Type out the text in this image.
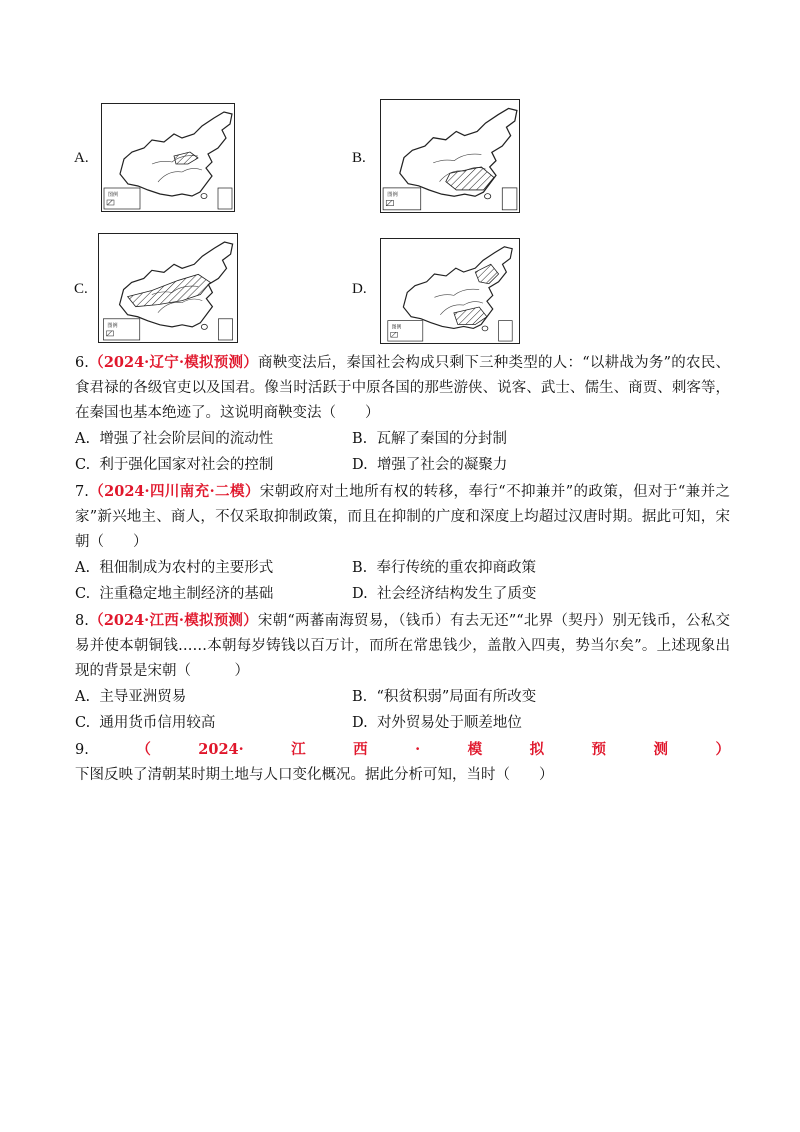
A.
图例
B.
图例
C.
图例
D.
图例
6.（2024·辽宁·模拟预测）商鞅变法后，秦国社会构成只剩下三种类型的人：“以耕战为务”的农民、食君禄的各级官吏以及国君。像当时活跃于中原各国的那些游侠、说客、武士、儒生、商贾、刺客等，在秦国也基本绝迹了。这说明商鞅变法（　　）
A. 增强了社会阶层间的流动性	B. 瓦解了秦国的分封制
C. 利于强化国家对社会的控制	D. 增强了社会的凝聚力
7.（2024·四川南充·二模）宋朝政府对土地所有权的转移，奉行“不抑兼并”的政策，但对于“兼并之家”新兴地主、商人，不仅采取抑制政策，而且在抑制的广度和深度上均超过汉唐时期。据此可知，宋朝（　　）
A. 租佃制成为农村的主要形式	B. 奉行传统的重农抑商政策
C. 注重稳定地主制经济的基础	D. 社会经济结构发生了质变
8.（2024·江西·模拟预测）宋朝“两蕃南海贸易，（钱币）有去无还”“北界（契丹）别无钱币，公私交易并使本朝铜钱……本朝每岁铸钱以百万计，而所在常患钱少，盖散入四夷，势当尔矣”。上述现象出现的背景是宋朝（　　　）
A. 主导亚洲贸易	B. “积贫积弱”局面有所改变
C. 通用货币信用较高	D. 对外贸易处于顺差地位
9.（2024·江西·模拟预测）下图反映了清朝某时期土地与人口变化概况。据此分析可知，当时（　　）
